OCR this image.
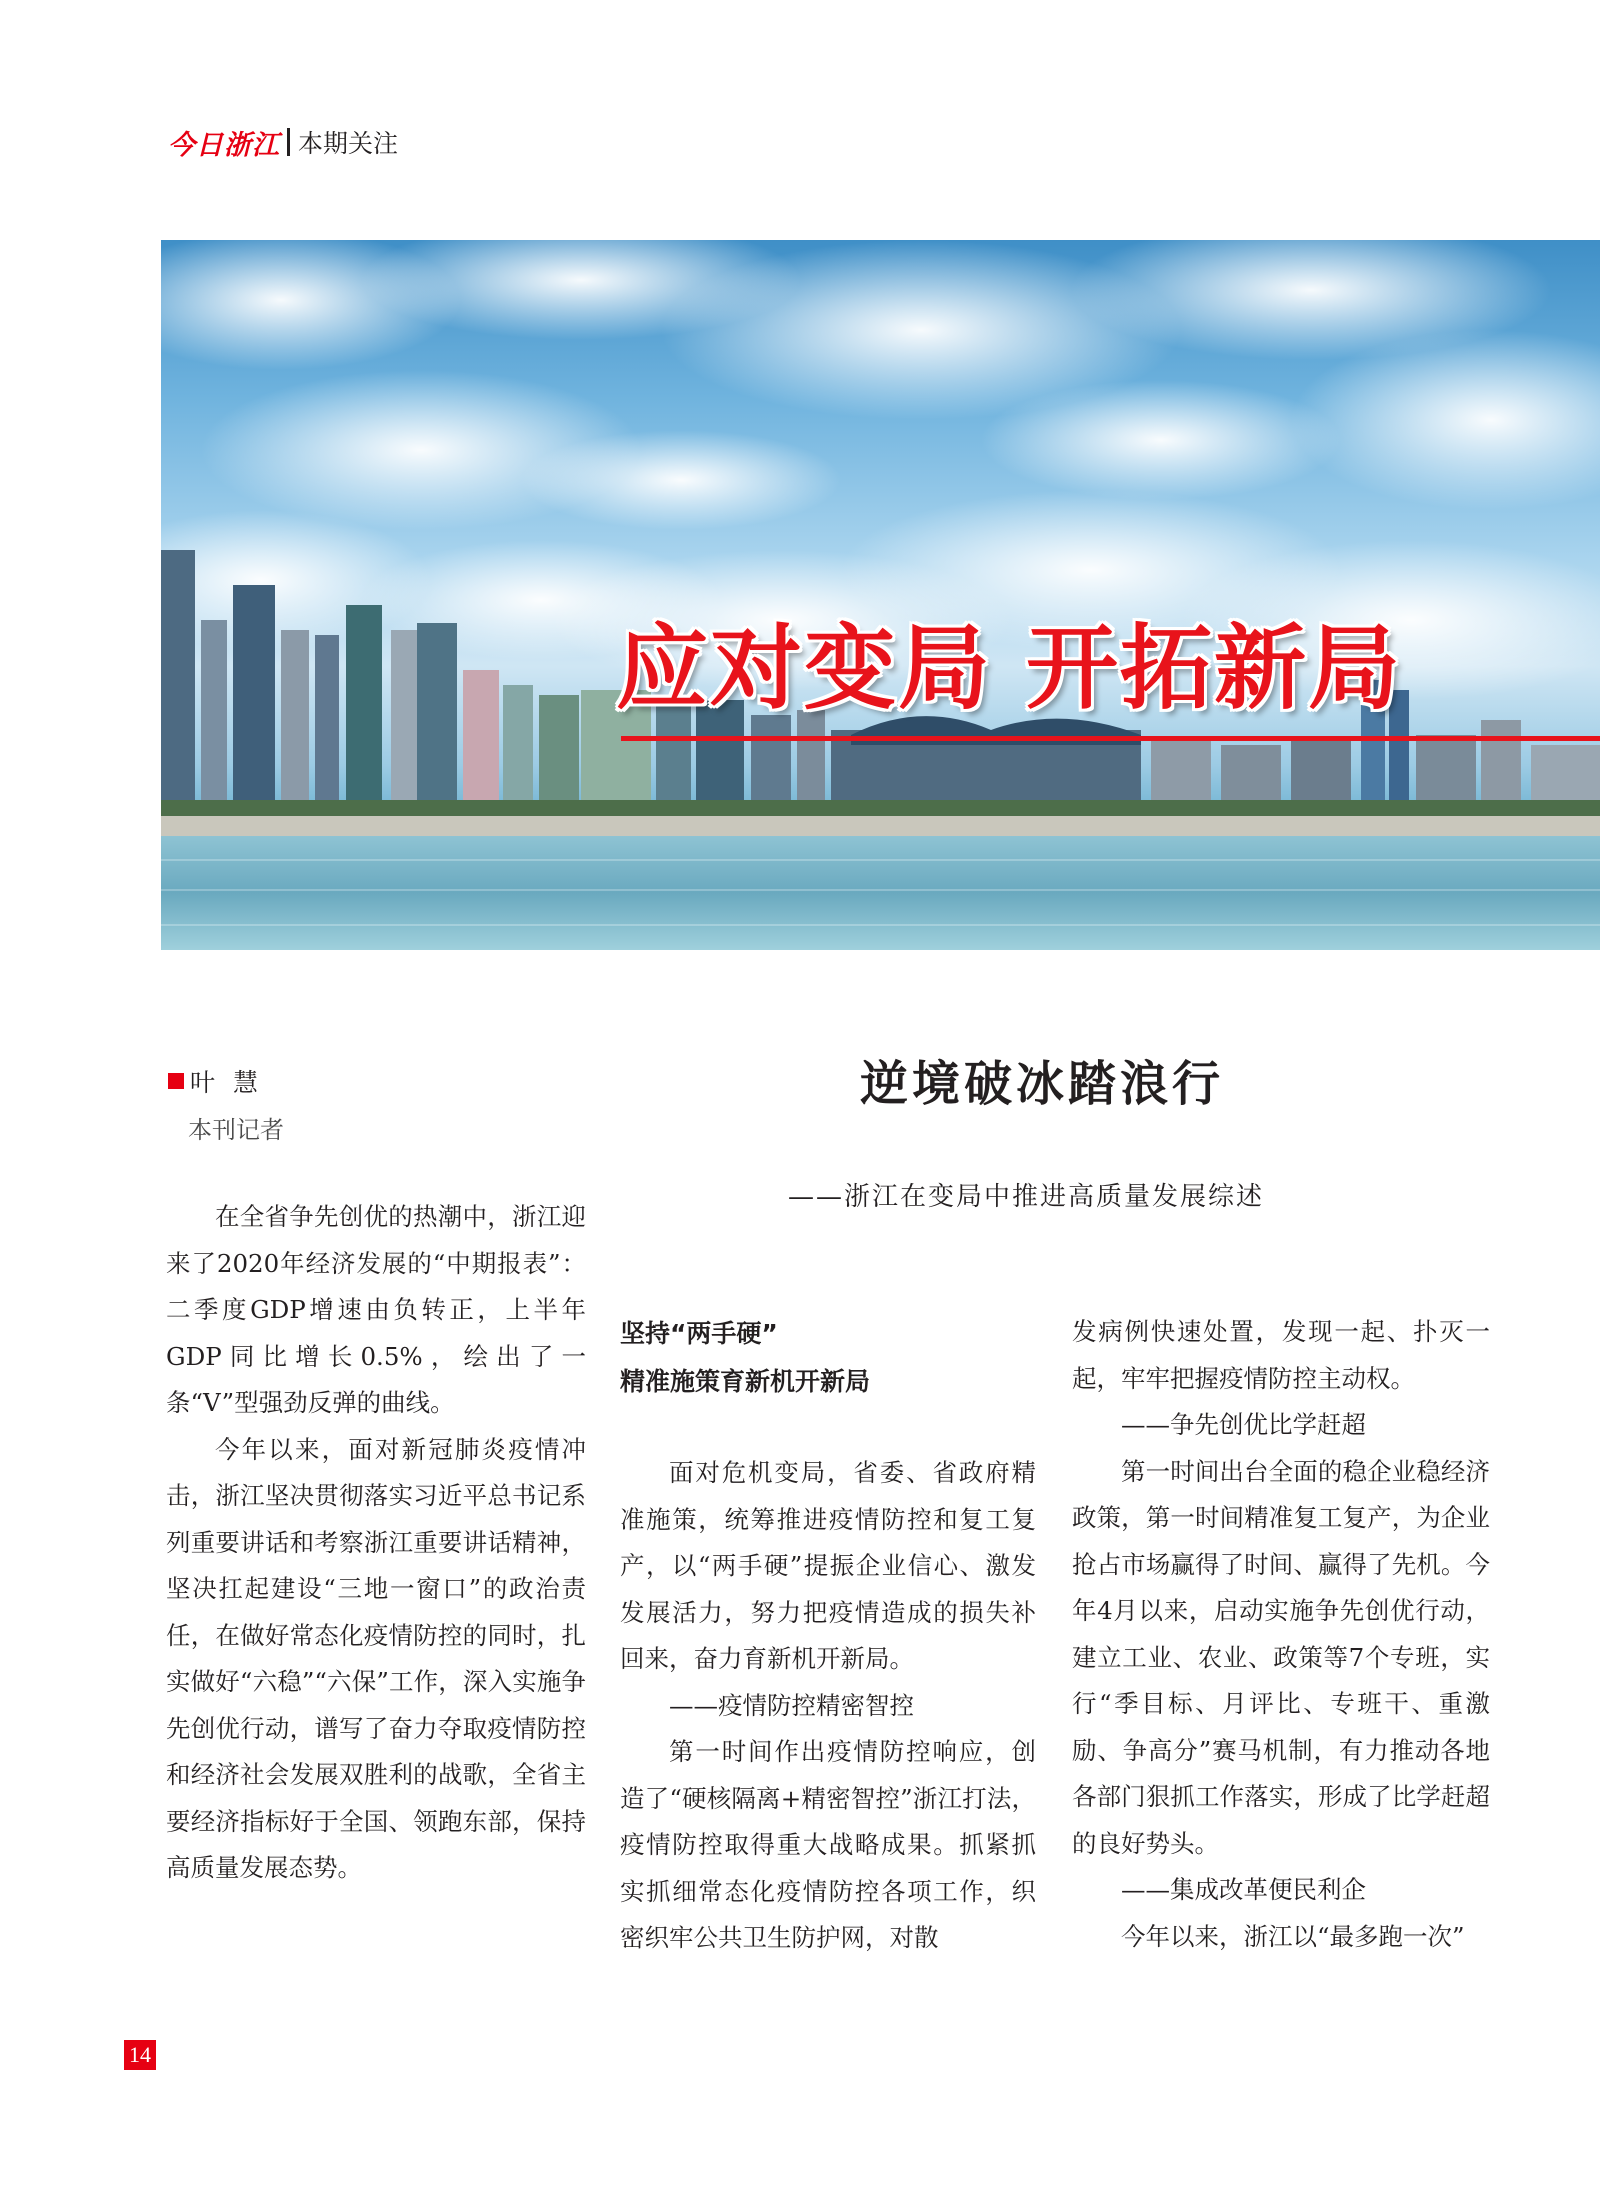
今日浙江 本期关注
应对变局 开拓新局
叶慧
本刊记者
逆境破冰踏浪行
——浙江在变局中推进高质量发展综述

在全省争先创优的热潮中，浙江迎来了2020年经济发展的“中期报表”：二季度GDP增速由负转正，上半年GDP同比增长0.5%，绘出了一条“V”型强劲反弹的曲线。

今年以来，面对新冠肺炎疫情冲击，浙江坚决贯彻落实习近平总书记系列重要讲话和考察浙江重要讲话精神，坚决扛起建设“三地一窗口”的政治责任，在做好常态化疫情防控的同时，扎实做好“六稳”“六保”工作，深入实施争先创优行动，谱写了奋力夺取疫情防控和经济社会发展双胜利的战歌，全省主要经济指标好于全国、领跑东部，保持高质量发展态势。

坚持“两手硬”
精准施策育新机开新局

面对危机变局，省委、省政府精准施策，统筹推进疫情防控和复工复产，以“两手硬”提振企业信心、激发发展活力，努力把疫情造成的损失补回来，奋力育新机开新局。

——疫情防控精密智控

第一时间作出疫情防控响应，创造了“硬核隔离+精密智控”浙江打法，疫情防控取得重大战略成果。抓紧抓实抓细常态化疫情防控各项工作，织密织牢公共卫生防护网，对散

发病例快速处置，发现一起、扑灭一起，牢牢把握疫情防控主动权。

——争先创优比学赶超

第一时间出台全面的稳企业稳经济政策，第一时间精准复工复产，为企业抢占市场赢得了时间、赢得了先机。今年4月以来，启动实施争先创优行动，建立工业、农业、政策等7个专班，实行“季目标、月评比、专班干、重激励、争高分”赛马机制，有力推动各地各部门狠抓工作落实，形成了比学赶超的良好势头。

——集成改革便民利企

今年以来，浙江以“最多跑一次”

14
